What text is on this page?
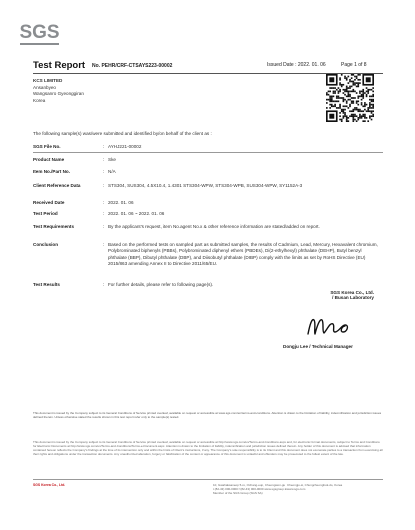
SGS
Test Report No. PEHR/CRF-CTSAYS223-00002	Issued Date : 2022. 01. 06	Page 1 of 8
KCS LIMITED
Ansanbyeo
Wangsanro Gyeonggiran
Korea
The following sample(s) was/were submitted and identified by/on behalf of the client as :
SGS File No.	: AYHJ221-00002
Product Name	: Ske
Item No./Part No.	: N/A
Client Reference Data	: STS304, SUS304, 4.5X10.4, 1.4301 STS304-WPW, STS304-WPB, SUS304-WPW, SY1152A-3
Received Date	: 2022. 01. 06
Test Period	: 2022. 01. 06 ~ 2022. 01. 06
Test Requirements	: By the applicant's request, item No.agent No.x & other reference information are stated/added on report.
Conclusion	: Based on the performed tests on sampled part as submitted samples, the results of Cadmium, Lead, Mercury, Hexavalent chromium, Polybrominated biphenyls (PBBs), Polybrominated diphenyl ethers (PBDEs), Di(2-ethylhexyl) phthalate (DEHP), Butyl benzyl phthalate (BBP), Dibutyl phthalate (DBP), and Diisobutyl phthalate (DIBP) comply with the limits as set by RoHS Directive (EU) 2015/863 amending Annex II to Directive 2011/65/EU.
Test Results	: For further details, please refer to following page(s).
SGS Korea Co., Ltd.
/ Busan Laboratory
Dongju Lee / Technical Manager
This document is issued by the Company subject to its General Conditions of Service printed overleaf, available on request or accessible at www.sgs.com/en/terms-and-conditions. Attention is drawn to the limitation of liability, indemnification and jurisdiction issues defined therein. Unless otherwise stated the results shown in this test report refer only to the sample(s) tested.
This document is issued by the Company subject to its General Conditions of Service printed overleaf, available on request or accessible at http://www.sgs.com/en/Terms-and-Conditions.aspx and, for electronic format documents, subject to Terms and Conditions for Electronic Documents at http://www.sgs.com/en/Terms-and-Conditions/Terms-e-Document.aspx. Attention is drawn to the limitation of liability, indemnification and jurisdiction issues defined therein. Any holder of this document is advised that information contained hereon reflects the Company's findings at the time of its intervention only and within the limits of Client's instructions, if any. The Company's sole responsibility is to its Client and this document does not exonerate parties to a transaction from exercising all their rights and obligations under the transaction documents. Any unauthorized alteration, forgery or falsification of the content or appearance of this document is unlawful and offenders may be prosecuted to the fullest extent of the law.
SGS Korea Co., Ltd.	10, Gwahaksaneop 5-ro, Ochang-eup, Cheongwon-gu
t (82-43) 000-0000 f (82-43) 000-0000 www.sgsgroup.kr
Member of the SGS Group (SGS SA)
Cheongju-si, Chungcheongbuk-do, Korea
www.sgs.com
